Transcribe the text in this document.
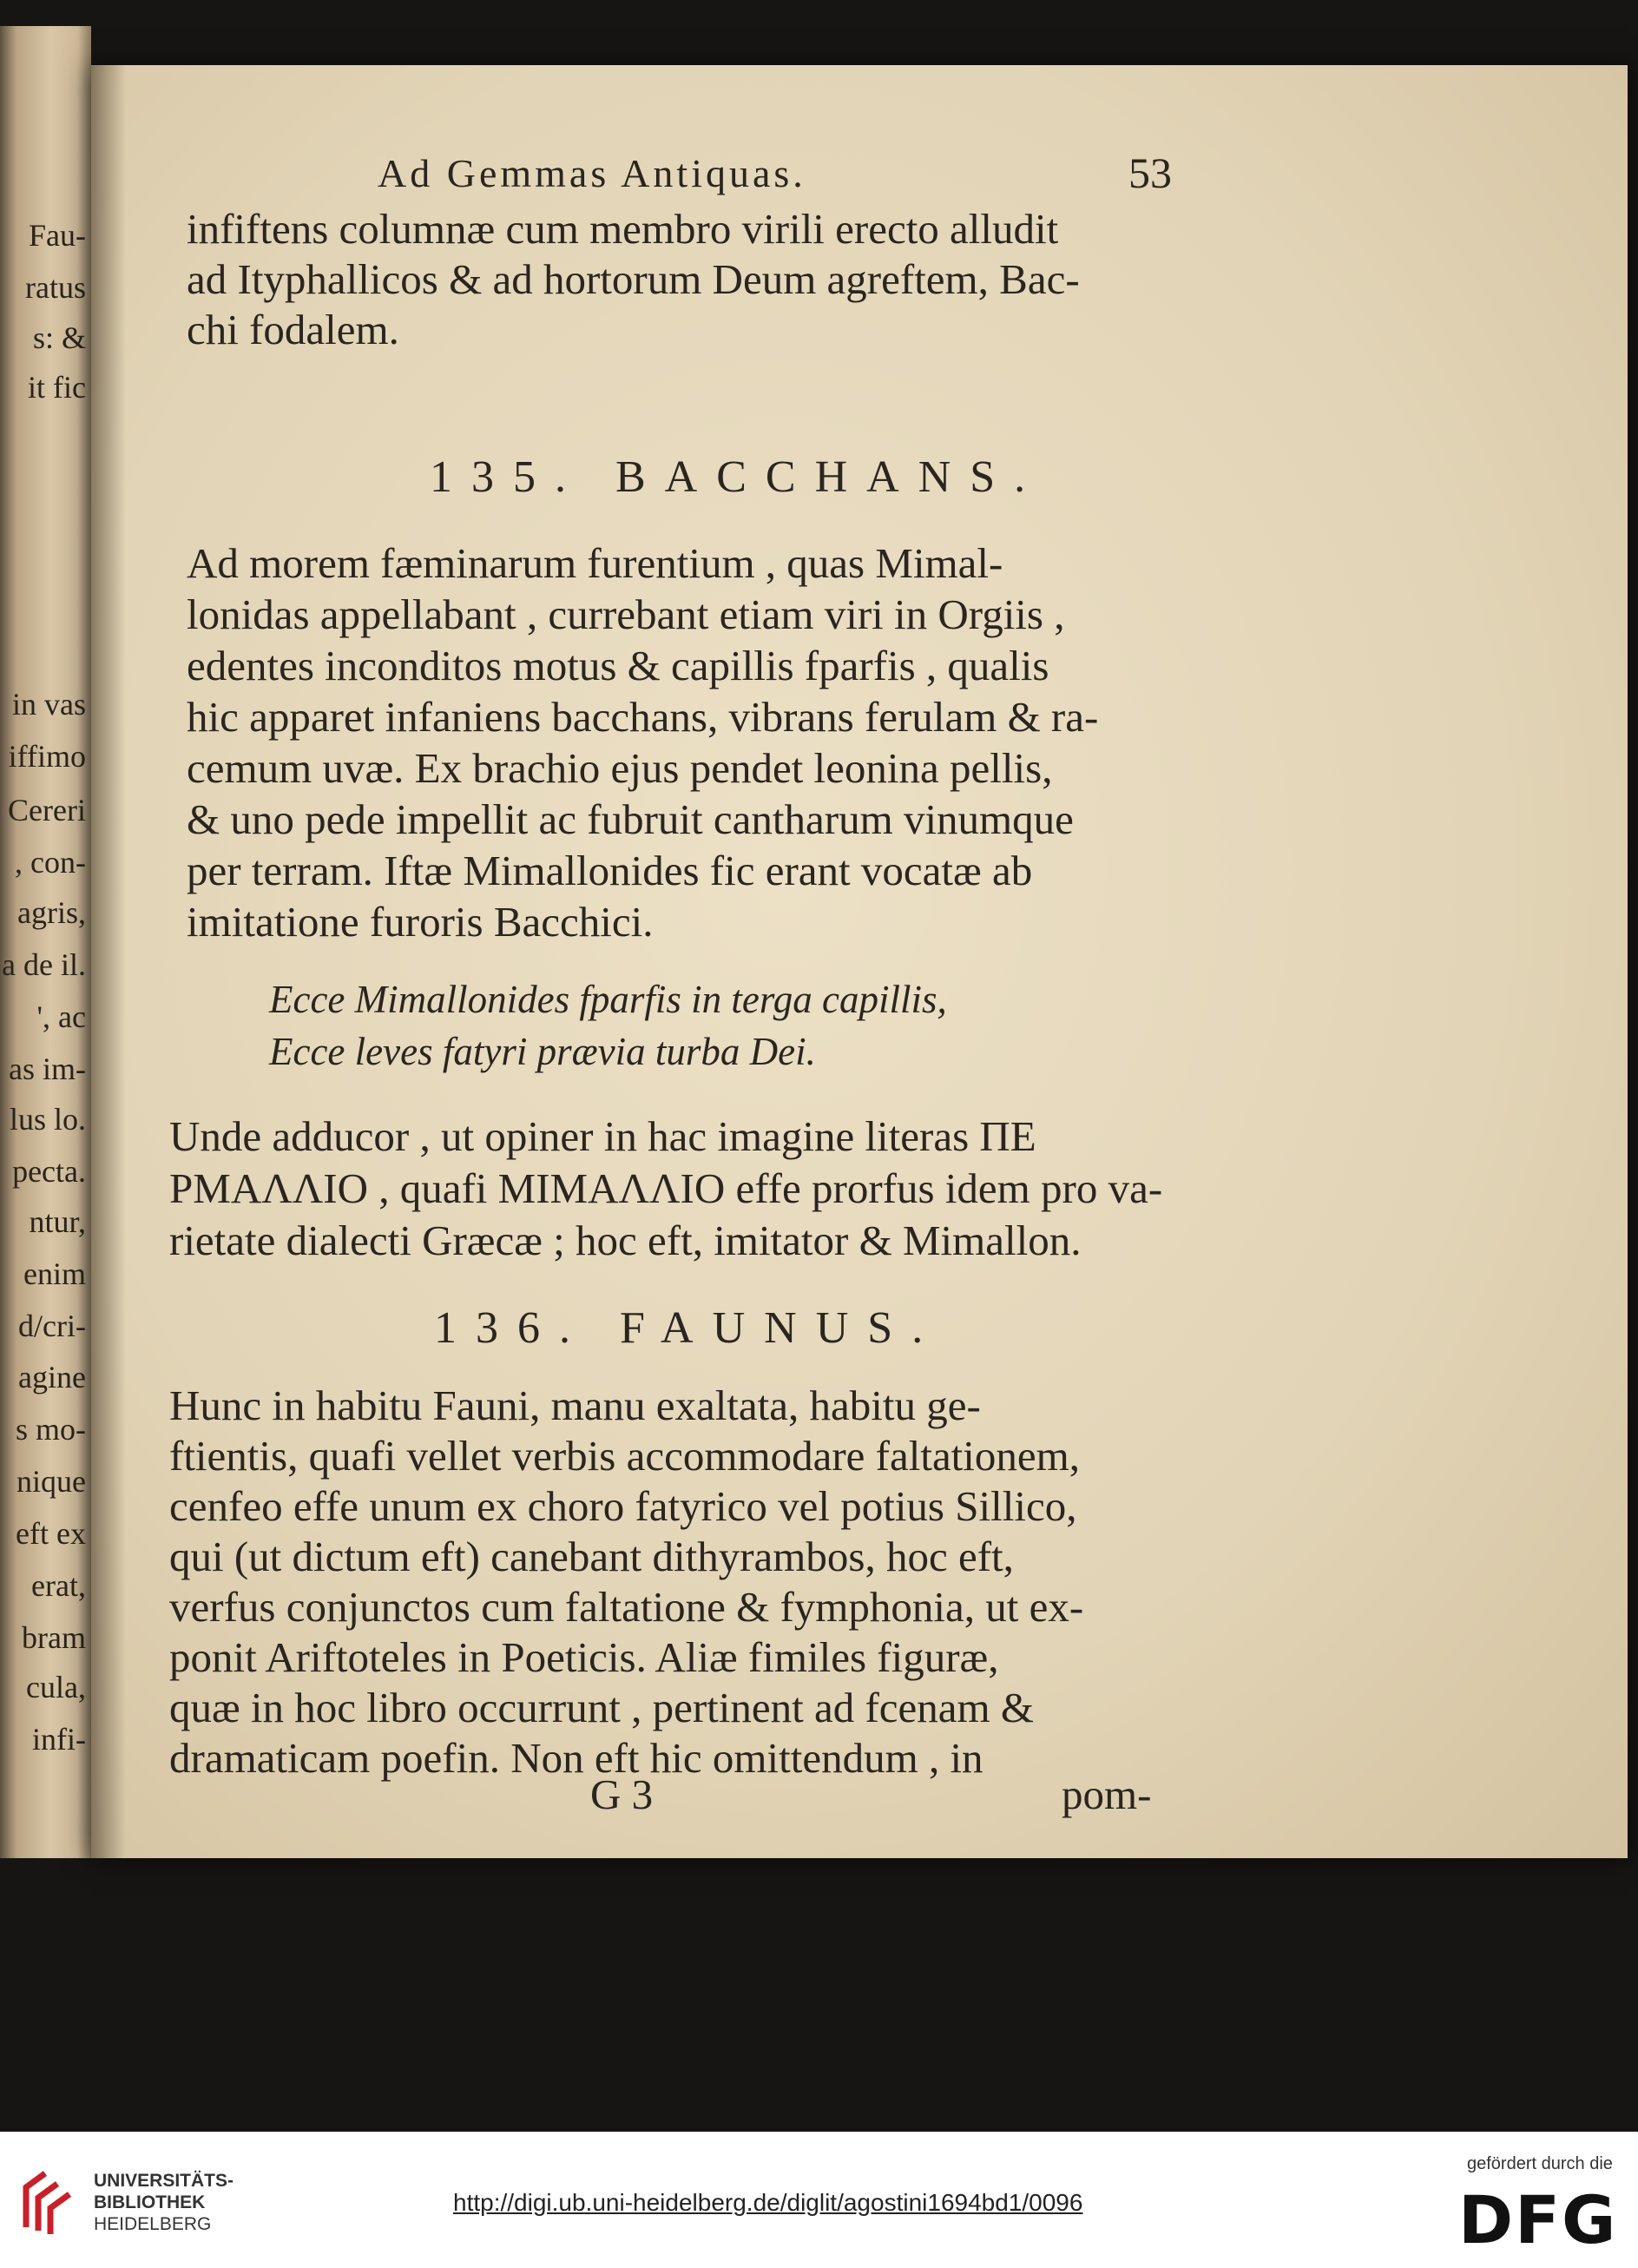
Fau-
ratus
s: &
it fic
in vas
iffimo
Cereri
, con-
agris,
a de il.
', ac
as im-
lus lo.
pecta.
ntur,
enim
d/cri-
agine
s mo-
nique
eft ex
erat,
bram
cula,
infi-
Ad Gemmas Antiquas.	53
infiftens columnæ cum membro virili erecto alludit
ad Ityphallicos & ad hortorum Deum agreftem, Bac-
chi fodalem.
135. BACCHANS.
Ad morem fæminarum furentium , quas Mimal-
lonidas appellabant , currebant etiam viri in Orgiis ,
edentes inconditos motus & capillis fparfis , qualis
hic apparet infaniens bacchans, vibrans ferulam & ra-
cemum uvæ. Ex brachio ejus pendet leonina pellis,
& uno pede impellit ac fubruit cantharum vinumque
per terram. Iftæ Mimallonides fic erant vocatæ ab
imitatione furoris Bacchici.
Ecce Mimallonides fparfis in terga capillis,
Ecce leves fatyri prævia turba Dei.
Unde adducor , ut opiner in hac imagine literas ΠΕ
ΡΜΑΛΛΙΟ , quafi ΜΙΜΑΛΛΙΟ effe prorfus idem pro va-
rietate dialecti Græcæ ; hoc eft, imitator & Mimallon.
136. FAUNUS.
Hunc in habitu Fauni, manu exaltata, habitu ge-
ftientis, quafi vellet verbis accommodare faltationem,
cenfeo effe unum ex choro fatyrico vel potius Sillico,
qui (ut dictum eft) canebant dithyrambos, hoc eft,
verfus conjunctos cum faltatione & fymphonia, ut ex-
ponit Ariftoteles in Poeticis. Aliæ fimiles figuræ,
quæ in hoc libro occurrunt , pertinent ad fcenam &
dramaticam poefin. Non eft hic omittendum , in
G 3	pom-
UNIVERSITÄTS-
BIBLIOTHEK
HEIDELBERG
http://digi.ub.uni-heidelberg.de/diglit/agostini1694bd1/0096
gefördert durch die
DFG
